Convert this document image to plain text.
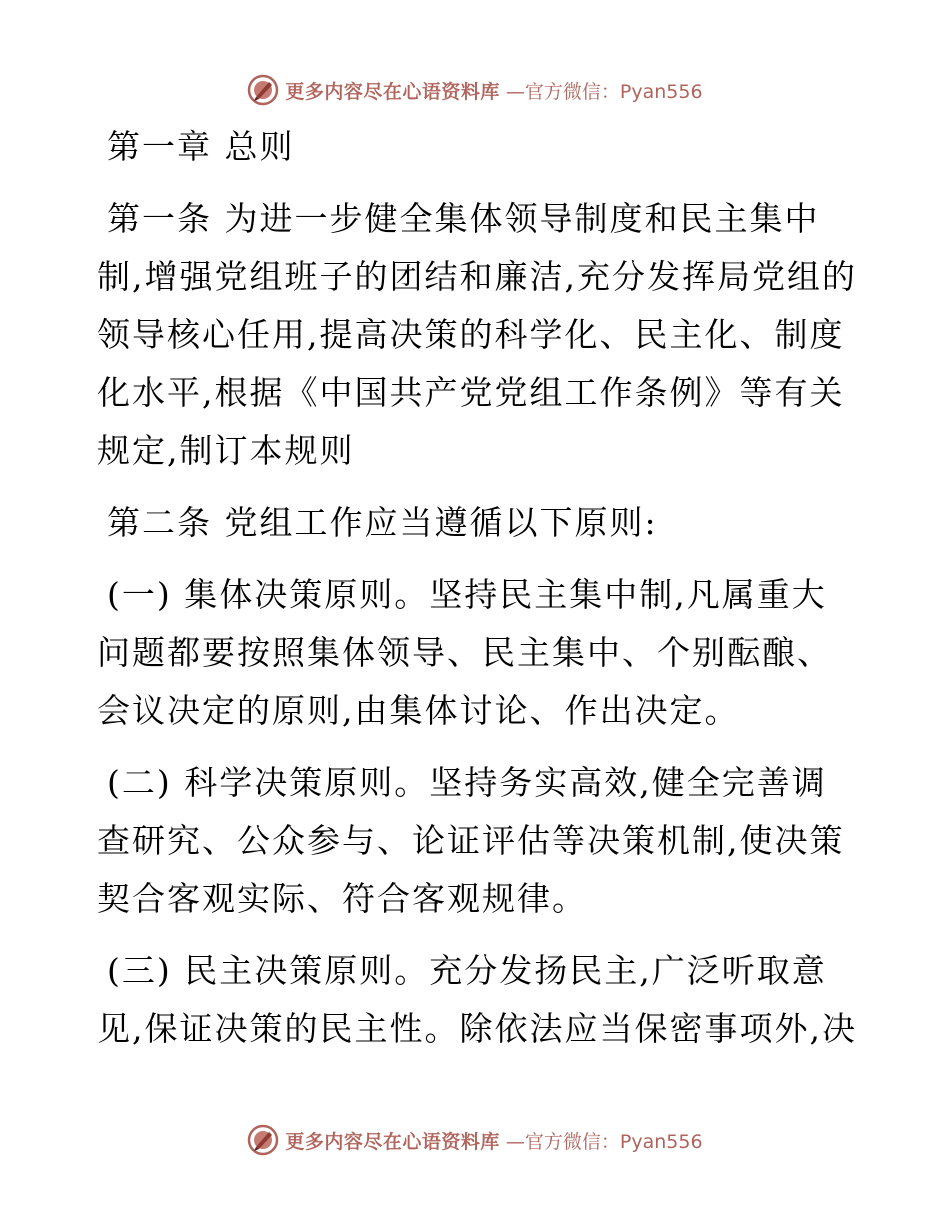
更多内容尽在心语资料库 —官方微信：Pyan556
第一章 总则

第一条 为进一步健全集体领导制度和民主集中制,增强党组班子的团结和廉洁,充分发挥局党组的领导核心任用,提高决策的科学化、民主化、制度化水平,根据《中国共产党党组工作条例》等有关规定,制订本规则

第二条 党组工作应当遵循以下原则:

(一) 集体决策原则。坚持民主集中制,凡属重大问题都要按照集体领导、民主集中、个别酝酿、会议决定的原则,由集体讨论、作出决定。

(二) 科学决策原则。坚持务实高效,健全完善调查研究、公众参与、论证评估等决策机制,使决策契合客观实际、符合客观规律。

(三) 民主决策原则。充分发扬民主,广泛听取意见,保证决策的民主性。除依法应当保密事项外,决

更多内容尽在心语资料库 —官方微信：Pyan556
